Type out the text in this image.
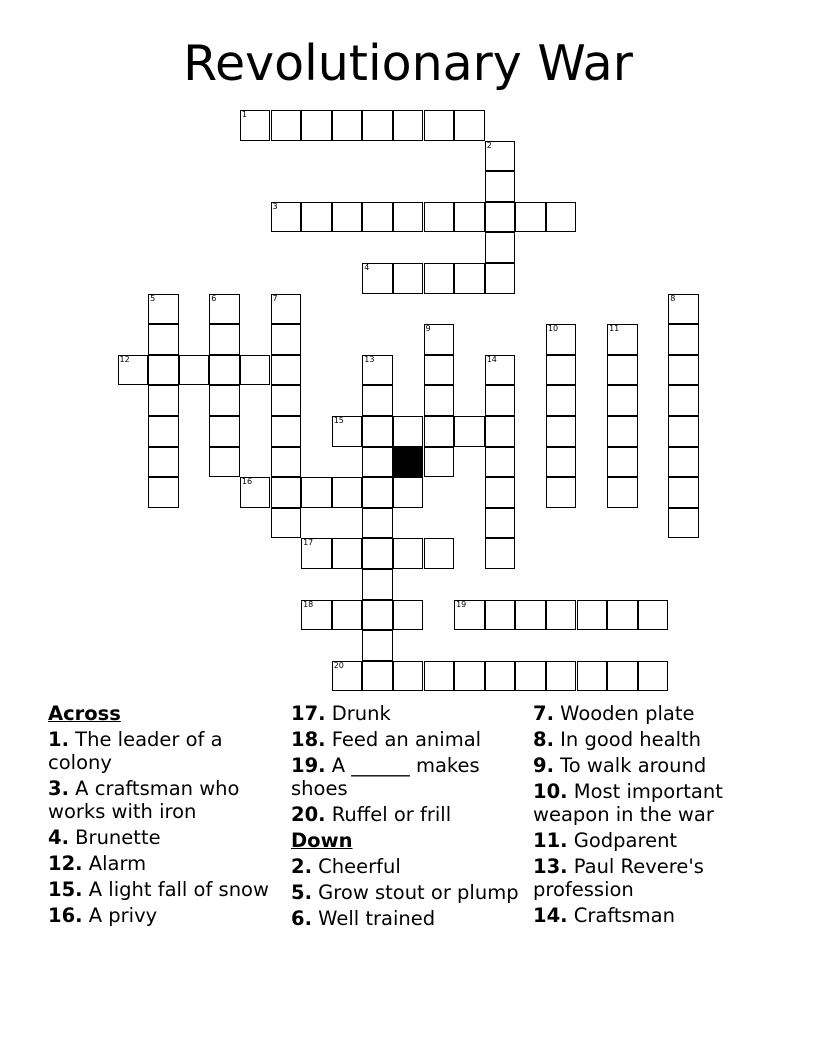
Revolutionary War
1
2
3
4
5	6	7	8
9	10	11
12	13	14
15
16
17
18	19
20
Across
1. The leader of a colony
3. A craftsman who works with iron
4. Brunette
12. Alarm
15. A light fall of snow
16. A privy
17. Drunk
18. Feed an animal
19. A ______ makes shoes
20. Ruffel or frill
Down
2. Cheerful
5. Grow stout or plump
6. Well trained
7. Wooden plate
8. In good health
9. To walk around
10. Most important weapon in the war
11. Godparent
13. Paul Revere's profession
14. Craftsman
